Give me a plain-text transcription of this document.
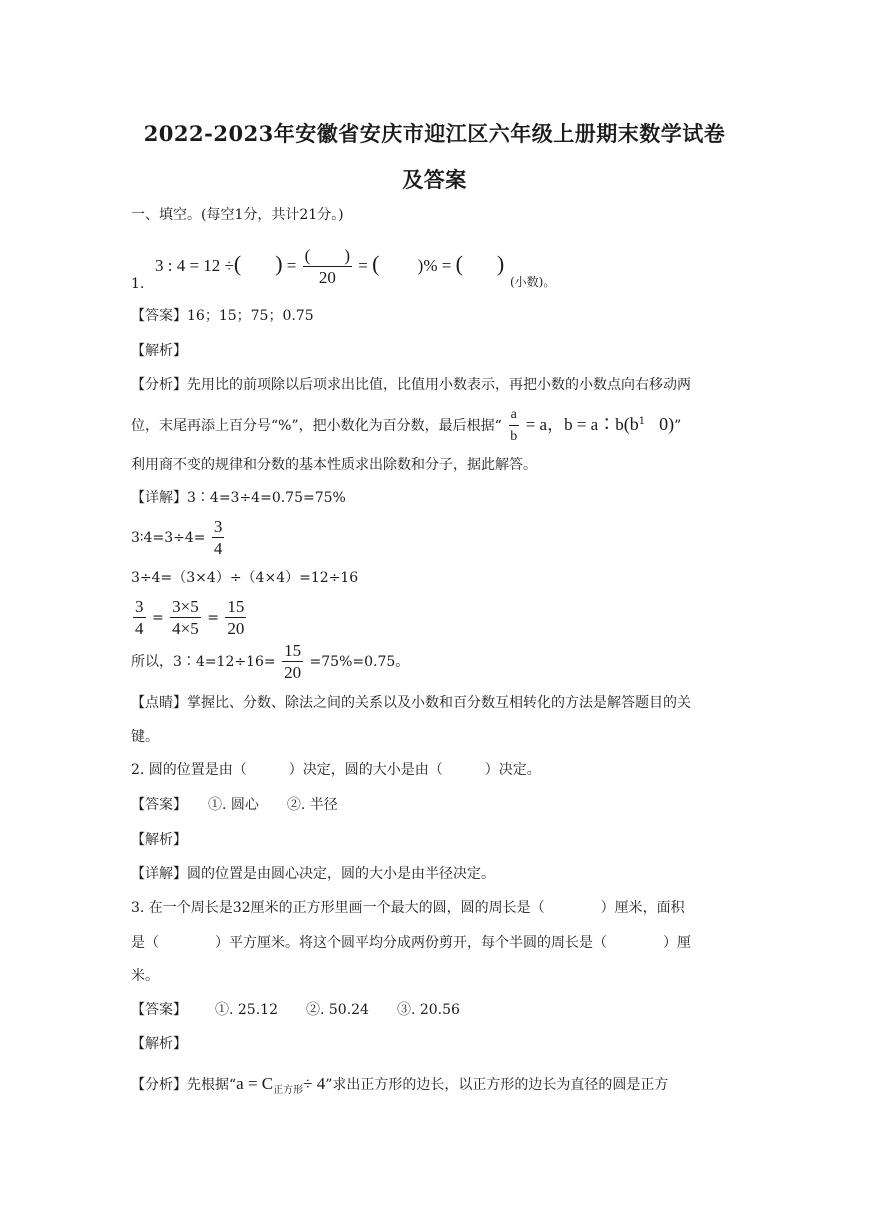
2022-2023年安徽省安庆市迎江区六年级上册期末数学试卷
及答案
一、填空。(每空1分，共计21分。)
3 : 4 = 12 ÷(   ) = $\frac{( )}{20}$ = (   )% = (   )
1.	(小数)。
【答案】16；15；75；0.75
【解析】
【分析】先用比的前项除以后项求出比值，比值用小数表示，再把小数的小数点向右移动两
位，末尾再添上百分号“%”，把小数化为百分数，最后根据“ $\frac{a}{b} = a$，$b = a∶b(b^1$  0)”
利用商不变的规律和分数的基本性质求出除数和分子，据此解答。
【详解】3∶4=3÷4=0.75=75%
3∶4=3÷4= $\frac{3}{4}$
3÷4=（3×4）÷（4×4）=12÷16
$\frac{3}{4} = \frac{3\times 5}{4\times 5} = \frac{15}{20}$
所以，3∶4=12÷16= $\frac{15}{20} =75\%=0.75$。
【点睛】掌握比、分数、除法之间的关系以及小数和百分数互相转化的方法是解答题目的关
键。
2. 圆的位置是由（　　　）决定，圆的大小是由（　　　）决定。
【答案】   ①. 圆心　　②. 半径
【解析】
【详解】圆的位置是由圆心决定，圆的大小是由半径决定。
3. 在一个周长是32厘米的正方形里画一个最大的圆，圆的周长是（　　　　）厘米，面积
是（　　　　）平方厘米。将这个圆平均分成两份剪开，每个半圆的周长是（　　　　）厘
米。
【答案】   ①. 25.12　　②. 50.24　　③. 20.56
【解析】
【分析】先根据“$a = C_{正方形}\div 4$”求出正方形的边长，以正方形的边长为直径的圆是正方
